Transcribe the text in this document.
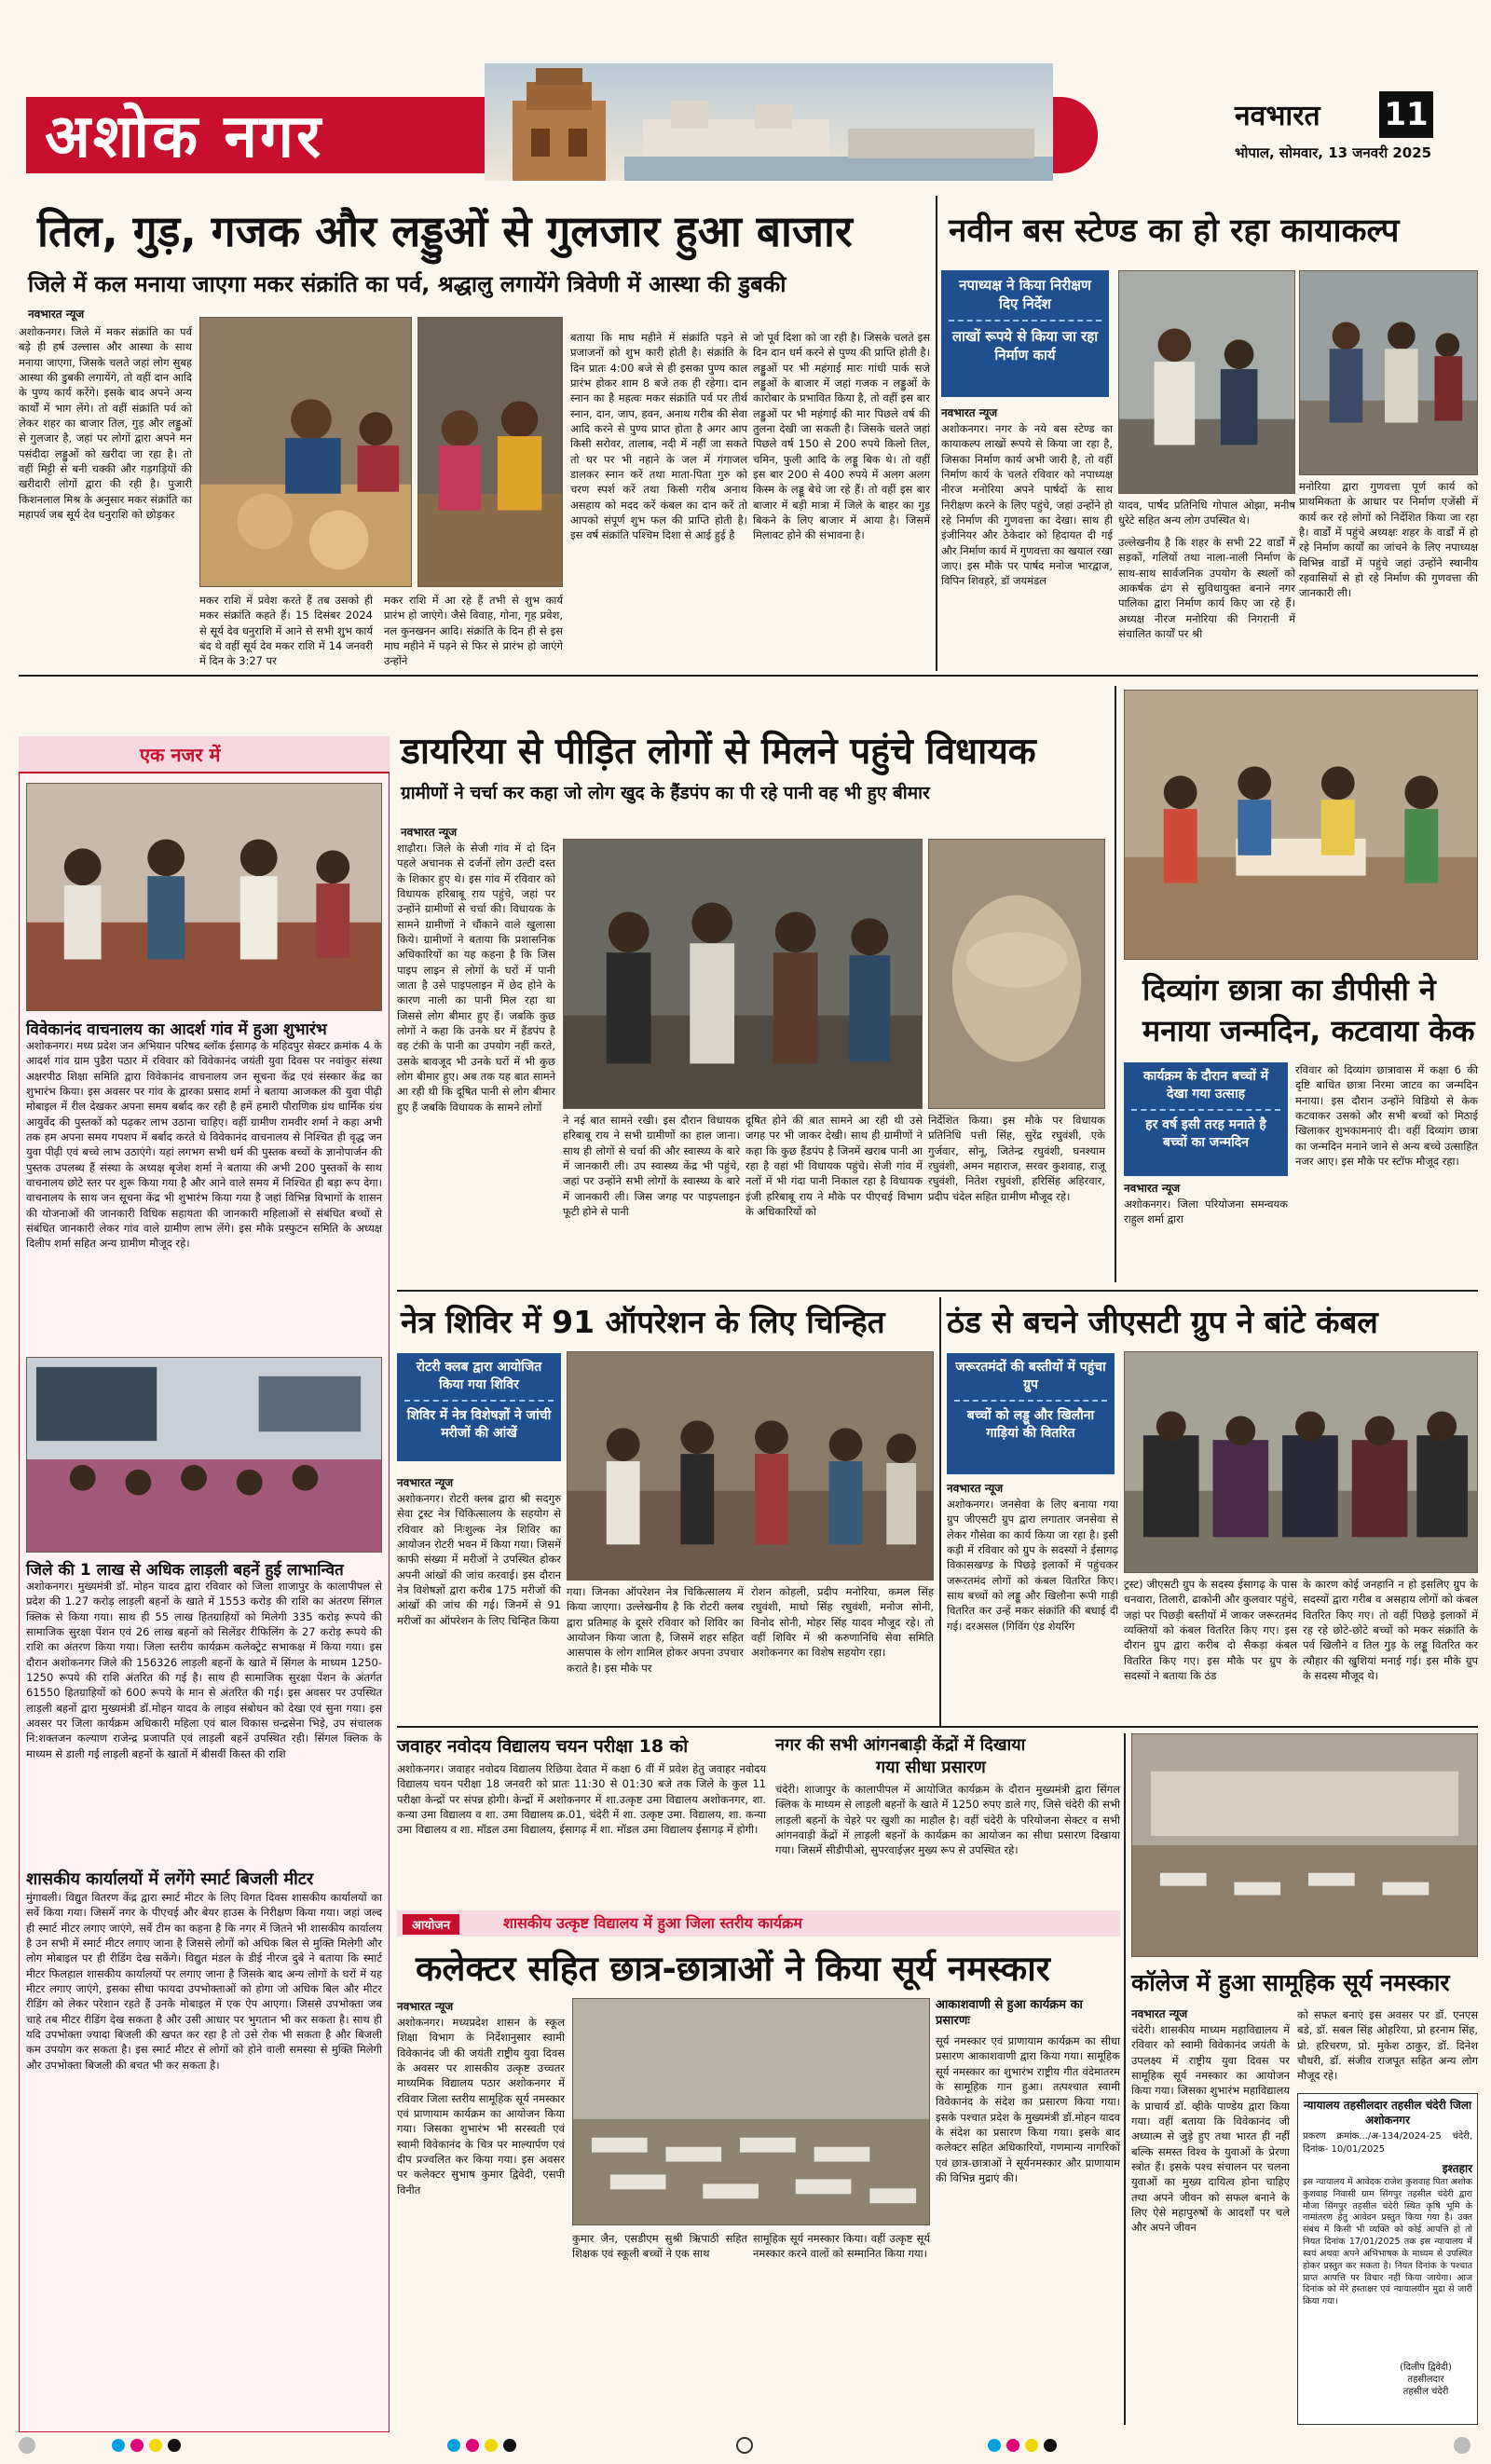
अशोक नगर	नवभारत 11
भोपाल, सोमवार, 13 जनवरी 2025
तिल, गुड़, गजक और लड्डुओं से गुलजार हुआ बाजार
जिले में कल मनाया जाएगा मकर संक्रांति का पर्व, श्रद्धालु लगायेंगे त्रिवेणी में आस्था की डुबकी
नवभारत न्यूज
अशोकनगर। जिले में मकर संक्रांति का पर्व बड़े ही हर्ष उल्लास और आस्था के साथ मनाया जाएगा, जिसके चलते जहां लोग सुबह आस्था की डुबकी लगायेंगे, तो वहीं दान आदि के पुण्य कार्य करेंगे। इसके बाद अपने अन्य कार्यों में भाग लेंगे। तो वहीं संक्रांति पर्व को लेकर शहर का बाजार तिल, गुड़ और लड्डुओं से गुलजार है, जहां पर लोगों द्वारा अपने मन पसंदीदा लड्डुओं को खरीदा जा रहा है। तो वहीं मिट्टी से बनी चक्की और गड़गड़ियों की खरीदारी लोगों द्वारा की रही है। पुजारी किशनलाल मिश्र के अनुसार मकर संक्रांति का महापर्व जब सूर्य देव धनुराशि को छोड़कर
मकर राशि में प्रवेश करते हैं तब उसको ही मकर संक्रांति कहते हैं। 15 दिसंबर 2024 से सूर्य देव धनुराशि में आने से सभी शुभ कार्य बंद थे वहीं सूर्य देव मकर राशि में 14 जनवरी में दिन के 3:27 पर
मकर राशि में आ रहे हैं तभी से शुभ कार्य प्रारंभ हो जाएंगे। जैसे विवाह, गोना, गृह प्रवेश, नल कुनखनन आदि। संक्रांति के दिन ही से इस माघ महीने में पड़ने से फिर से प्रारंभ हो जाएंगे उन्होंने
बताया कि माघ महीने में संक्रांति पड़ने से प्रजाजनों को शुभ कारी होती है। संक्रांति के दिन प्रातः 4:00 बजे से ही इसका पुण्य काल प्रारंभ होकर शाम 8 बजे तक ही रहेगा। दान स्नान का है महत्वः मकर संक्रांति पर्व पर तीर्थ स्नान, दान, जाप, हवन, अनाथ गरीब की सेवा आदि करने से पुण्य प्राप्त होता है अगर आप किसी सरोवर, तालाब, नदी में नहीं जा सकते तो घर पर भी नहाने के जल में गंगाजल डालकर स्नान करें तथा माता-पिता गुरु को चरण स्पर्श करें तथा किसी गरीब अनाथ असहाय को मदद करें कंबल का दान करें तो आपको संपूर्ण शुभ फल की प्राप्ति होती है। इस वर्ष संक्रांति पश्चिम दिशा से आई हुई है
जो पूर्व दिशा को जा रही है। जिसके चलते इस दिन दान धर्म करने से पुण्य की प्राप्ति होती है। लड्डुओं पर भी महंगाई मारः गांधी पार्क सजे लड्डुओं के बाजार में जहां गजक न लड्डुओं के कारोबार के प्रभावित किया है, तो वहीं इस बार लड्डुओं पर भी महंगाई की मार पिछले वर्ष की तुलना देखी जा सकती है। जिसके चलते जहां पिछले वर्ष 150 से 200 रुपये किलो तिल, चमिन, फुली आदि के लड्डू बिक थे। तो वहीं इस बार 200 से 400 रुपये में अलग अलग किस्म के लड्डू बेचे जा रहे हैं। तो वहीं इस बार बाजार में बड़ी मात्रा में जिले के बाहर का गुड़ बिकने के लिए बाजार में आया है। जिसमें मिलावट होने की संभावना है।
नवीन बस स्टेण्ड का हो रहा कायाकल्प
नपाध्यक्ष ने किया निरीक्षण दिए निर्देश
लाखों रूपये से किया जा रहा निर्माण कार्य
नवभारत न्यूज
अशोकनगर। नगर के नये बस स्टेण्ड का कायाकल्प लाखों रूपये से किया जा रहा है, जिसका निर्माण कार्य अभी जारी है, तो वहीं निर्माण कार्य के चलते रविवार को नपाध्यक्ष नीरज मनोरिया अपने पार्षदों के साथ निरीक्षण करने के लिए पहुंचे, जहां उन्होंने हो रहे निर्माण की गुणवत्ता का देखा। साथ ही इंजीनियर और ठेकेदार को हिदायत दी गई और निर्माण कार्य में गुणवत्ता का खयाल रखा जाए। इस मौके पर पार्षद मनोज भारद्वाज, विपिन शिवहरे, डॉ जयमंडल
यादव, पार्षद प्रतिनिधि गोपाल ओझा, मनीष धुरेटे सहित अन्य लोग उपस्थित थे।
उल्लेखनीय है कि शहर के सभी 22 वार्डों में सड़कों, गलियों तथा नाला-नाली निर्माण के साथ-साथ सार्वजनिक उपयोग के स्थलों को आकर्षक ढंग से सुविधायुक्त बनाने नगर पालिका द्वारा निर्माण कार्य किए जा रहे हैं। अध्यक्ष नीरज मनोरिया की निगरानी में संचालित कार्यों पर श्री
मनोरिया द्वारा गुणवत्ता पूर्ण कार्य को प्राथमिकता के आधार पर निर्माण एजेंसी में कार्य कर रहे लोगों को निर्देशित किया जा रहा है। वार्डों में पहुंचे अध्यक्षः शहर के वार्डों में हो रहे निर्माण कार्यों का जांचने के लिए नपाध्यक्ष विभिन्न वार्डों में पहुंचे जहां उन्होंने स्थानीय रहवासियों से हो रहे निर्माण की गुणवत्ता की जानकारी ली।
एक नजर में
विवेकानंद वाचनालय का आदर्श गांव में हुआ शुभारंभ
अशोकनगर। मध्य प्रदेश जन अभियान परिषद ब्लॉक ईसागढ़ के महिदपुर सेक्टर क्रमांक 4 के आदर्श गांव ग्राम पुडैरा पठार में रविवार को विवेकानंद जयंती युवा दिवस पर नवांकुर संस्था अक्षरपीठ शिक्षा समिति द्वारा विवेकानंद वाचनालय जन सूचना केंद्र एवं संस्कार केंद्र का शुभारंभ किया। इस अवसर पर गांव के द्वारका प्रसाद शर्मा ने बताया आजकल की युवा पीढ़ी मोबाइल में रील देखकर अपना समय बर्बाद कर रही है हमें हमारी पौराणिक ग्रंथ धार्मिक ग्रंथ आयुर्वेद की पुस्तकों को पढ़कर लाभ उठाना चाहिए। वहीं ग्रामीण रामवीर शर्मा ने कहा अभी तक हम अपना समय गपशप में बर्बाद करते थे विवेकानंद वाचनालय से निश्चित ही वृद्ध जन युवा पीढ़ी एवं बच्चे लाभ उठाएंगे। यहां लगभग सभी धर्म की पुस्तक बच्चों के ज्ञानोपार्जन की पुस्तक उपलब्ध हैं संस्था के अध्यक्ष बृजेश शर्मा ने बताया की अभी 200 पुस्तकों के साथ वाचनालय छोटे स्तर पर शुरू किया गया है और आने वाले समय में निश्चित ही बड़ा रूप देगा। वाचनालय के साथ जन सूचना केंद्र भी शुभारंभ किया गया है जहां विभिन्न विभागों के शासन की योजनाओं की जानकारी विधिक सहायता की जानकारी महिलाओं से संबंधित बच्चों से संबंधित जानकारी लेकर गांव वाले ग्रामीण लाभ लेंगे। इस मौके प्रस्फुटन समिति के अध्यक्ष दिलीप शर्मा सहित अन्य ग्रामीण मौजूद रहे।
जिले की 1 लाख से अधिक लाड़ली बहनें हुई लाभान्वित
अशोकनगर। मुख्यमंत्री डॉ. मोहन यादव द्वारा रविवार को जिला शाजापुर के कालापीपल से प्रदेश की 1.27 करोड़ लाड़ली बहनों के खाते में 1553 करोड़ की राशि का अंतरण सिंगल क्लिक से किया गया। साथ ही 55 लाख हितग्राहियों को मिलेगी 335 करोड़ रूपये की सामाजिक सुरक्षा पेंशन एवं 26 लाख बहनों को सिलेंडर रीफिलिंग के 27 करोड़ रूपये की राशि का अंतरण किया गया। जिला स्तरीय कार्यक्रम कलेक्ट्रेट सभाकक्ष में किया गया। इस दौरान अशोकनगर जिले की 156326 लाड़ली बहनों के खाते में सिंगल के माध्यम 1250-1250 रूपये की राशि अंतरित की गई है। साथ ही सामाजिक सुरक्षा पेंशन के अंतर्गत 61550 हितग्राहियों को 600 रूपये के मान से अंतरित की गई। इस अवसर पर उपस्थित लाड़ली बहनों द्वारा मुख्यमंत्री डॉ.मोहन यादव के लाइव संबोधन को देखा एवं सुना गया। इस अवसर पर जिला कार्यक्रम अधिकारी महिला एवं बाल विकास चन्द्रसेना भिड़े, उप संचालक नि:शक्तजन कल्याण राजेन्द्र प्रजापति एवं लाड़ली बहनें उपस्थित रही। सिंगल क्लिक के माध्यम से डाली गई लाड़ली बहनों के खातों में बीसवीं किस्त की राशि
शासकीय कार्यालयों में लगेंगे स्मार्ट बिजली मीटर
मुंगावली। विद्युत वितरण केंद्र द्वारा स्मार्ट मीटर के लिए विगत दिवस शासकीय कार्यालयों का सर्वे किया गया। जिसमें नगर के पीएचई और बेयर हाउस के निरीक्षण किया गया। जहां जल्द ही स्मार्ट मीटर लगाए जाएंगे, सर्वे टीम का कहना है कि नगर में जितने भी शासकीय कार्यालय है उन सभी में स्मार्ट मीटर लगाए जाना है जिससे लोगों को अधिक बिल से मुक्ति मिलेगी और लोग मोबाइल पर ही रीडिंग देख सकेंगे। विद्युत मंडल के डीई नीरज दुबे ने बताया कि स्मार्ट मीटर फिलहाल शासकीय कार्यालयों पर लगाए जाना है जिसके बाद अन्य लोगों के घरों में यह मीटर लगाए जाएंगे, इसका सीधा फायदा उपभोक्ताओं को होगा जो अधिक बिल और मीटर रीडिंग को लेकर परेशान रहते हैं उनके मोबाइल में एक ऐप आएगा। जिससे उपभोक्ता जब चाहे तब मीटर रीडिंग देख सकता है और उसी आधार पर भुगतान भी कर सकता है। साथ ही यदि उपभोक्ता ज्यादा बिजली की खपत कर रहा है तो उसे रोक भी सकता है और बिजली कम उपयोग कर सकता है। इस स्मार्ट मीटर से लोगों को होने वाली समस्या से मुक्ति मिलेगी और उपभोक्ता बिजली की बचत भी कर सकता है।
डायरिया से पीड़ित लोगों से मिलने पहुंचे विधायक
ग्रामीणों ने चर्चा कर कहा जो लोग खुद के हैंडपंप का पी रहे पानी वह भी हुए बीमार
नवभारत न्यूज
शाढ़ौरा। जिले के सेजी गांव में दो दिन पहले अचानक से दर्जनों लोग उल्टी दस्त के शिकार हुए थे। इस गांव में रविवार को विधायक हरिबाबू राय पहुंचे, जहां पर उन्होंने ग्रामीणों से चर्चा की। विधायक के सामने ग्रामीणों ने चौंकाने वाले खुलासा किये। ग्रामीणों ने बताया कि प्रशासनिक अधिकारियों का यह कहना है कि जिस पाइप लाइन से लोगों के घरों में पानी जाता है उसे पाइपलाइन में छेद होने के कारण नाली का पानी मिल रहा था जिससे लोग बीमार हुए हैं। जबकि कुछ लोगों ने कहा कि उनके घर में हैंडपंप है वह टंकी के पानी का उपयोग नहीं करते, उसके बावजूद भी उनके घरों में भी कुछ लोग बीमार हुए। अब तक यह बात सामने आ रही थी कि दूषित पानी से लोग बीमार हुए हैं जबकि विधायक के सामने लोगों
ने नई बात सामने रखी। इस दौरान विधायक हरिबाबू राय ने सभी ग्रामीणों का हाल जाना। साथ ही लोगों से चर्चा की और स्वास्थ्य के बारे में जानकारी ली। उप स्वास्थ्य केंद्र भी पहुंचे, जहां पर उन्होंने सभी लोगों के स्वास्थ्य के बारे में जानकारी ली। जिस जगह पर पाइपलाइन फूटी होने से पानी
दूषित होने की बात सामने आ रही थी उसे जगह पर भी जाकर देखी। साथ ही ग्रामीणों ने कहा कि कुछ हैंडपंप है जिनमें खराब पानी आ रहा है वहां भी विधायक पहुंचे। सेजी गांव में नलों में भी गंदा पानी निकाल रहा है विधायक इंजी हरिबाबू राय ने मौके पर पीएचई विभाग के अधिकारियों को
निर्देशित किया। इस मौके पर विधायक प्रतिनिधि पत्ती सिंह, सुरेंद्र रघुवंशी, एके गुर्जवार, सोनू, जितेन्द्र रघुवंशी, घनश्याम रघुवंशी, अमन महाराज, सरवर कुशवाह, राजू रघुवंशी, नितेश रघुवंशी, हरिसिंह अहिरवार, प्रदीप चंदेल सहित ग्रामीण मौजूद रहे।
दिव्यांग छात्रा का डीपीसी ने
मनाया जन्मदिन, कटवाया केक
कार्यक्रम के दौरान बच्चों में देखा गया उत्साह
हर वर्ष इसी तरह मनाते है बच्चों का जन्मदिन
नवभारत न्यूज
अशोकनगर। जिला परियोजना समन्वयक राहुल शर्मा द्वारा
रविवार को दिव्यांग छात्रावास में कक्षा 6 की दृष्टि बाधित छात्रा निरमा जाटव का जन्मदिन मनाया। इस दौरान उन्होंने विडियो से केक कटवाकर उसको और सभी बच्चों को मिठाई खिलाकर शुभकामनाएं दी। वहीं दिव्यांग छात्रा का जन्मदिन मनाने जाने से अन्य बच्चे उत्साहित नजर आए। इस मौके पर स्टॉफ मौजूद रहा।
नेत्र शिविर में 91 ऑपरेशन के लिए चिन्हित
रोटरी क्लब द्वारा आयोजित किया गया शिविर
शिविर में नेत्र विशेषज्ञों ने जांची मरीजों की आंखें
नवभारत न्यूज
अशोकनगर। रोटरी क्लब द्वारा श्री सदगुरु सेवा ट्रस्ट नेत्र चिकित्सालय के सहयोग से रविवार को निःशुल्क नेत्र शिविर का आयोजन रोटरी भवन में किया गया। जिसमें काफी संख्या में मरीजों ने उपस्थित होकर अपनी आंखों की जांच करवाई। इस दौरान नेत्र विशेषज्ञों द्वारा करीब 175 मरीजों की आंखों की जांच की गई। जिनमें से 91 मरीजों का ऑपरेशन के लिए चिन्हित किया
गया। जिनका ऑपरेशन नेत्र चिकित्सालय में किया जाएगा। उल्लेखनीय है कि रोटरी क्लब द्वारा प्रतिमाह के दूसरे रविवार को शिविर का आयोजन किया जाता है, जिसमें शहर सहित आसपास के लोग शामिल होकर अपना उपचार कराते है। इस मौके पर
रोशन कोहली, प्रदीप मनोरिया, कमल सिंह रघुवंशी, माधो सिंह रघुवंशी, मनोज सोनी, विनोद सोनी, मोहर सिंह यादव मौजूद रहे। तो वहीं शिविर में श्री करुणानिधि सेवा समिति अशोकनगर का विशेष सहयोग रहा।
ठंड से बचने जीएसटी ग्रुप ने बांटे कंबल
जरूरतमंदों की बस्तीयों में पहुंचा ग्रुप
बच्चों को लड्डू और खिलौना गाड़ियां की वितरित
नवभारत न्यूज
अशोकनगर। जनसेवा के लिए बनाया गया ग्रुप जीएसटी ग्रुप द्वारा लगातार जनसेवा से लेकर गौसेवा का कार्य किया जा रहा है। इसी कड़ी में रविवार को ग्रुप के सदस्यों ने ईसागढ़ विकासखण्ड के पिछड़े इलाकों में पहुंचकर जरूरतमंद लोगों को कंबल वितरित किए। साथ बच्चों को लड्डू और खिलौना रूपी गाड़ी वितरित कर उन्हें मकर संक्रांति की बधाई दी गई। दरअसल (गिविंग एंड शेयरिंग
ट्रस्ट) जीएसटी ग्रुप के सदस्य ईसागढ़ के पास धनवारा, तिलारी, ढाकोनी और कुलवार पहुंचे, जहां पर पिछड़ी बस्तीयों में जाकर जरूरतमंद व्यक्तियों को कंबल वितरित किए गए। इस दौरान ग्रुप द्वारा करीब दो सैकड़ा कंबल वितरित किए गए। इस मौके पर ग्रुप के सदस्यों ने बताया कि ठंड
के कारण कोई जनहानि न हो इसलिए ग्रुप के सदस्यों द्वारा गरीब व असहाय लोगों को कंबल वितरित किए गए। तो वहीं पिछड़े इलाकों में रह रहे छोटे-छोटे बच्चों को मकर संक्रांति के पर्व खिलौने व तिल गुड़ के लड्डू वितरित कर त्यौहार की खुशियां मनाई गई। इस मौके ग्रुप के सदस्य मौजूद थे।
जवाहर नवोदय विद्यालय चयन परीक्षा 18 को
अशोकनगर। जवाहर नवोदय विद्यालय रिछिया देवात में कक्षा 6 वीं में प्रवेश हेतु जवाहर नवोदय विद्यालय चयन परीक्षा 18 जनवरी को प्रातः 11:30 से 01:30 बजे तक जिले के कुल 11 परीक्षा केन्द्रों पर संपन्न होगी। केन्द्रों में अशोकनगर में शा.उत्कृष्ट उमा विद्यालय अशोकनगर, शा. कन्या उमा विद्यालय व शा. उमा विद्यालय क्र.01, चंदेरी में शा. उत्कृष्ट उमा. विद्यालय, शा. कन्या उमा विद्यालय व शा. मॉडल उमा विद्यालय, ईसागढ़ में शा. मॉडल उमा विद्यालय ईसागढ़ में होगी।
नगर की सभी आंगनबाड़ी केंद्रों में दिखाया
गया सीधा प्रसारण
चंदेरी। शाजापुर के कालापीपल में आयोजित कार्यक्रम के दौरान मुख्यमंत्री द्वारा सिंगल क्लिक के माध्यम से लाड़ली बहनों के खाते में 1250 रुपए डाले गए, जिसे चंदेरी की सभी लाड़ली बहनों के चेहरे पर खुशी का माहौल है। वहीं चंदेरी के परियोजना सेक्टर व सभी आंगनवाड़ी केंद्रों में लाड़ली बहनों के कार्यक्रम का आयोजन का सीधा प्रसारण दिखाया गया। जिसमें सीडीपीओ, सुपरवाईज़र मुख्य रूप से उपस्थित रहे।
आयोजन	शासकीय उत्कृष्ट विद्यालय में हुआ जिला स्तरीय कार्यक्रम
कलेक्टर सहित छात्र-छात्राओं ने किया सूर्य नमस्कार
नवभारत न्यूज
अशोकनगर। मध्यप्रदेश शासन के स्कूल शिक्षा विभाग के निर्देशानुसार स्वामी विवेकानंद जी की जयंती राष्ट्रीय युवा दिवस के अवसर पर शासकीय उत्कृष्ट उच्चतर माध्यमिक विद्यालय पठार अशोकनगर में रविवार जिला स्तरीय सामूहिक सूर्य नमस्कार एवं प्राणायाम कार्यक्रम का आयोजन किया गया। जिसका शुभारंभ भी सरस्वती एवं स्वामी विवेकानंद के चित्र पर माल्यार्पण एवं दीप प्रज्वलित कर किया गया। इस अवसर पर कलेक्टर सुभाष कुमार द्विवेदी, एसपी विनीत
कुमार जैन, एसडीएम सुश्री ऋिपाठी सहित शिक्षक एवं स्कूली बच्चों ने एक साथ
सामूहिक सूर्य नमस्कार किया। वहीं उत्कृष्ट सूर्य नमस्कार करने वालों को सम्मानित किया गया।
आकाशवाणी से हुआ कार्यक्रम का प्रसारणः
सूर्य नमस्कार एवं प्राणायाम कार्यक्रम का सीधा प्रसारण आकाशवाणी द्वारा किया गया। सामूहिक सूर्य नमस्कार का शुभारंभ राष्ट्रीय गीत वंदेमातरम के सामूहिक गान हुआ। तत्पश्चात स्वामी विवेकानंद के संदेश का प्रसारण किया गया। इसके पश्चात प्रदेश के मुख्यमंत्री डॉ.मोहन यादव के संदेश का प्रसारण किया गया। इसके बाद कलेक्टर सहित अधिकारियों, गणमान्य नागरिकों एवं छात्र-छात्राओं ने सूर्यनमस्कार और प्राणायाम की विभिन्न मुद्राएं की।
कॉलेज में हुआ सामूहिक सूर्य नमस्कार
नवभारत न्यूज
चंदेरी। शासकीय माध्यम महाविद्यालय में रविवार को स्वामी विवेकानंद जयंती के उपलक्ष्य में राष्ट्रीय युवा दिवस पर सामूहिक सूर्य नमस्कार का आयोजन किया गया। जिसका शुभारंभ महाविद्यालय के प्राचार्य डॉ. व्हीके पाण्डेय द्वारा किया गया। वहीं बताया कि विवेकानंद जी अध्यात्म से जुड़े हुए तथा भारत ही नहीं बल्कि समस्त विश्व के युवाओं के प्रेरणा स्त्रोत हैं। इसके पश्च संचालन पर चलना युवाओं का मुख्य दायित्व होना चाहिए तथा अपने जीवन को सफल बनाने के लिए ऐसे महापुरुषों के आदर्शों पर चले और अपने जीवन
को सफल बनाएं इस अवसर पर डॉ. एनएस बडे, डॉ. सबल सिंह ओहरिया, प्रो हरनाम सिंह, प्रो. हरिचरण, प्रो. मुकेश ठाकुर, डॉ. दिनेश चौधरी, डॉ. संजीव राजपूत सहित अन्य लोग मौजूद रहे।
न्यायालय तहसीलदार तहसील चंदेरी जिला अशोकनगर
प्रकरण क्रमांक.../अ-134/2024-25 चंदेरी, दिनांक- 10/01/2025
इश्तहार
इस न्यायालय में आवेदक राजेश कुशवाह पिता अशोक कुशवाह निवासी ग्राम सिंगपुर तहसील चंदेरी द्वारा मौजा सिंगपुर तहसील चंदेरी स्थित कृषि भूमि के नामांतरण हेतु आवेदन प्रस्तुत किया गया है। उक्त संबंध में किसी भी व्यक्ति को कोई आपत्ति हो तो नियत दिनांक 17/01/2025 तक इस न्यायालय में स्वयं अथवा अपने अभिभाषक के माध्यम से उपस्थित होकर प्रस्तुत कर सकता है। नियत दिनांक के पश्चात प्राप्त आपत्ति पर विचार नहीं किया जायेगा। आज दिनांक को मेरे हस्ताक्षर एवं न्यायालयीन मुद्रा से जारी किया गया।
(दिलीप द्विवेदी)
तहसीलदार
तहसील चंदेरी
